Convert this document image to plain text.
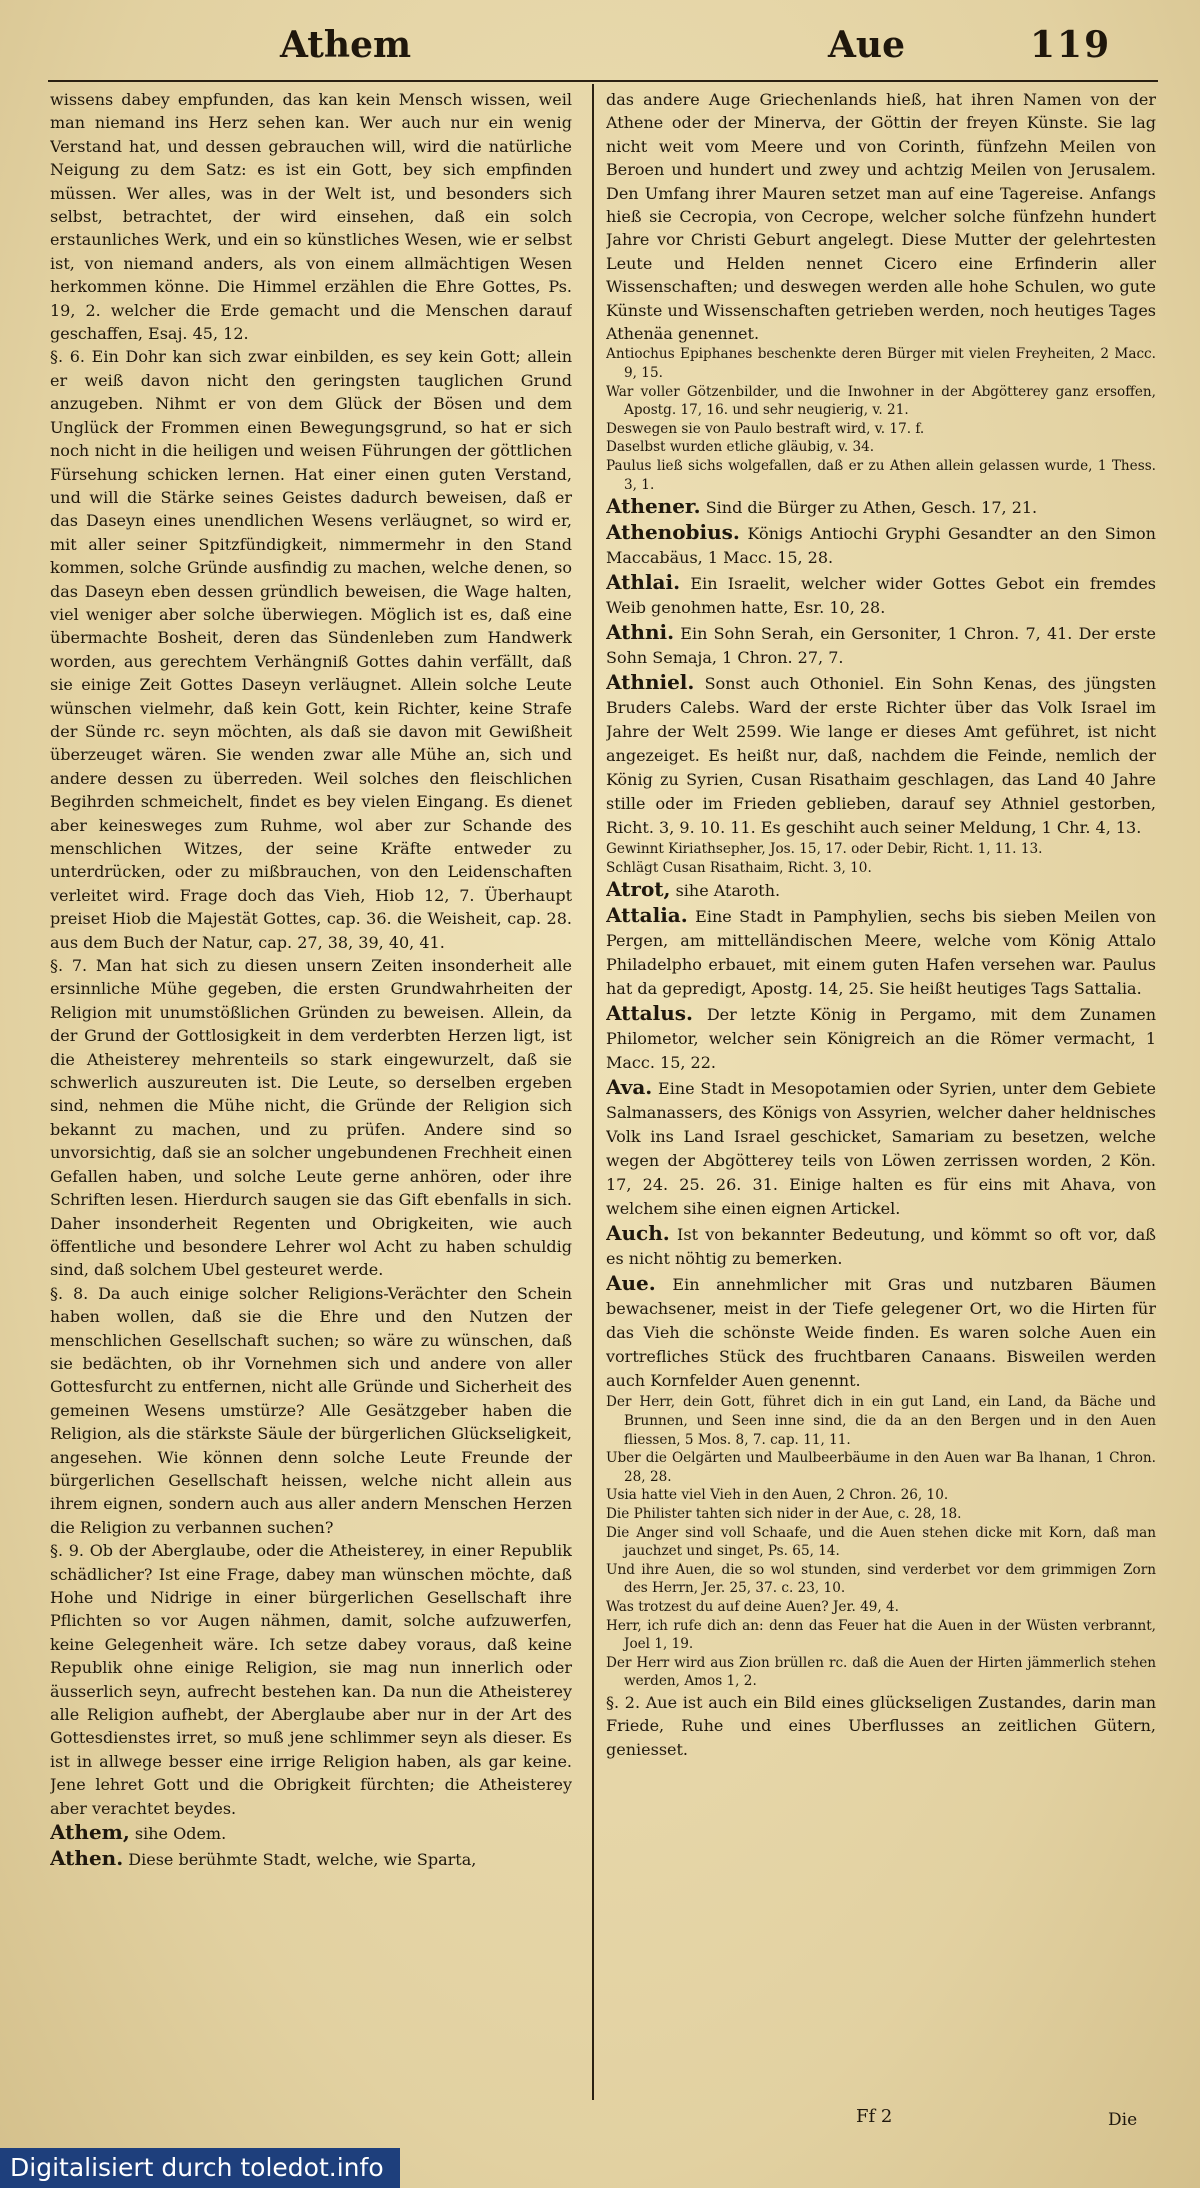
Athem	Aue	119

wissens dabey empfunden, das kan kein Mensch wissen, weil man niemand ins Herz sehen kan. Wer auch nur ein wenig Verstand hat, und dessen gebrauchen will, wird die natürliche Neigung zu dem Satz: es ist ein Gott, bey sich empfinden müssen. Wer alles, was in der Welt ist, und besonders sich selbst, betrachtet, der wird einsehen, daß ein solch erstaunliches Werk, und ein so künstliches Wesen, wie er selbst ist, von niemand anders, als von einem allmächtigen Wesen herkommen könne. Die Himmel erzählen die Ehre Gottes, Ps. 19, 2. welcher die Erde gemacht und die Menschen darauf geschaffen, Esaj. 45, 12.

§. 6. Ein Dohr kan sich zwar einbilden, es sey kein Gott; allein er weiß davon nicht den geringsten tauglichen Grund anzugeben. Nihmt er von dem Glück der Bösen und dem Unglück der Frommen einen Bewegungsgrund, so hat er sich noch nicht in die heiligen und weisen Führungen der göttlichen Fürsehung schicken lernen. Hat einer einen guten Verstand, und will die Stärke seines Geistes dadurch beweisen, daß er das Daseyn eines unendlichen Wesens verläugnet, so wird er, mit aller seiner Spitzfündigkeit, nimmermehr in den Stand kommen, solche Gründe ausfindig zu machen, welche denen, so das Daseyn eben dessen gründlich beweisen, die Wage halten, viel weniger aber solche überwiegen. Möglich ist es, daß eine übermachte Bosheit, deren das Sündenleben zum Handwerk worden, aus gerechtem Verhängniß Gottes dahin verfällt, daß sie einige Zeit Gottes Daseyn verläugnet. Allein solche Leute wünschen vielmehr, daß kein Gott, kein Richter, keine Strafe der Sünde rc. seyn möchten, als daß sie davon mit Gewißheit überzeuget wären. Sie wenden zwar alle Mühe an, sich und andere dessen zu überreden. Weil solches den fleischlichen Begihrden schmeichelt, findet es bey vielen Eingang. Es dienet aber keinesweges zum Ruhme, wol aber zur Schande des menschlichen Witzes, der seine Kräfte entweder zu unterdrücken, oder zu mißbrauchen, von den Leidenschaften verleitet wird. Frage doch das Vieh, Hiob 12, 7. Überhaupt preiset Hiob die Majestät Gottes, cap. 36. die Weisheit, cap. 28. aus dem Buch der Natur, cap. 27, 38, 39, 40, 41.

§. 7. Man hat sich zu diesen unsern Zeiten insonderheit alle ersinnliche Mühe gegeben, die ersten Grundwahrheiten der Religion mit unumstößlichen Gründen zu beweisen. Allein, da der Grund der Gottlosigkeit in dem verderbten Herzen ligt, ist die Atheisterey mehrenteils so stark eingewurzelt, daß sie schwerlich auszureuten ist. Die Leute, so derselben ergeben sind, nehmen die Mühe nicht, die Gründe der Religion sich bekannt zu machen, und zu prüfen. Andere sind so unvorsichtig, daß sie an solcher ungebundenen Frechheit einen Gefallen haben, und solche Leute gerne anhören, oder ihre Schriften lesen. Hierdurch saugen sie das Gift ebenfalls in sich. Daher insonderheit Regenten und Obrigkeiten, wie auch öffentliche und besondere Lehrer wol Acht zu haben schuldig sind, daß solchem Ubel gesteuret werde.

§. 8. Da auch einige solcher Religions-Verächter den Schein haben wollen, daß sie die Ehre und den Nutzen der menschlichen Gesellschaft suchen; so wäre zu wünschen, daß sie bedächten, ob ihr Vornehmen sich und andere von aller Gottesfurcht zu entfernen, nicht alle Gründe und Sicherheit des gemeinen Wesens umstürze? Alle Gesätzgeber haben die Religion, als die stärkste Säule der bürgerlichen Glückseligkeit, angesehen. Wie können denn solche Leute Freunde der bürgerlichen Gesellschaft heissen, welche nicht allein aus ihrem eignen, sondern auch aus aller andern Menschen Herzen die Religion zu verbannen suchen?

§. 9. Ob der Aberglaube, oder die Atheisterey, in einer Republik schädlicher? Ist eine Frage, dabey man wünschen möchte, daß Hohe und Nidrige in einer bürgerlichen Gesellschaft ihre Pflichten so vor Augen nähmen, damit, solche aufzuwerfen, keine Gelegenheit wäre. Ich setze dabey voraus, daß keine Republik ohne einige Religion, sie mag nun innerlich oder äusserlich seyn, aufrecht bestehen kan. Da nun die Atheisterey alle Religion aufhebt, der Aberglaube aber nur in der Art des Gottesdienstes irret, so muß jene schlimmer seyn als dieser. Es ist in allwege besser eine irrige Religion haben, als gar keine. Jene lehret Gott und die Obrigkeit fürchten; die Atheisterey aber verachtet beydes.

Athem, sihe Odem.

Athen. Diese berühmte Stadt, welche, wie Sparta,

das andere Auge Griechenlands hieß, hat ihren Namen von der Athene oder der Minerva, der Göttin der freyen Künste. Sie lag nicht weit vom Meere und von Corinth, fünfzehn Meilen von Beroen und hundert und zwey und achtzig Meilen von Jerusalem. Den Umfang ihrer Mauren setzet man auf eine Tagereise. Anfangs hieß sie Cecropia, von Cecrope, welcher solche fünfzehn hundert Jahre vor Christi Geburt angelegt. Diese Mutter der gelehrtesten Leute und Helden nennet Cicero eine Erfinderin aller Wissenschaften; und deswegen werden alle hohe Schulen, wo gute Künste und Wissenschaften getrieben werden, noch heutiges Tages Athenäa genennet.

Antiochus Epiphanes beschenkte deren Bürger mit vielen Freyheiten, 2 Macc. 9, 15.

War voller Götzenbilder, und die Inwohner in der Abgötterey ganz ersoffen, Apostg. 17, 16. und sehr neugierig, v. 21.

Deswegen sie von Paulo bestraft wird, v. 17. f.

Daselbst wurden etliche gläubig, v. 34.

Paulus ließ sichs wolgefallen, daß er zu Athen allein gelassen wurde, 1 Thess. 3, 1.

Athener. Sind die Bürger zu Athen, Gesch. 17, 21.

Athenobius. Königs Antiochi Gryphi Gesandter an den Simon Maccabäus, 1 Macc. 15, 28.

Athlai. Ein Israelit, welcher wider Gottes Gebot ein fremdes Weib genohmen hatte, Esr. 10, 28.

Athni. Ein Sohn Serah, ein Gersoniter, 1 Chron. 7, 41. Der erste Sohn Semaja, 1 Chron. 27, 7.

Athniel. Sonst auch Othoniel. Ein Sohn Kenas, des jüngsten Bruders Calebs. Ward der erste Richter über das Volk Israel im Jahre der Welt 2599. Wie lange er dieses Amt geführet, ist nicht angezeiget. Es heißt nur, daß, nachdem die Feinde, nemlich der König zu Syrien, Cusan Risathaim geschlagen, das Land 40 Jahre stille oder im Frieden geblieben, darauf sey Athniel gestorben, Richt. 3, 9. 10. 11. Es geschiht auch seiner Meldung, 1 Chr. 4, 13.

Gewinnt Kiriathsepher, Jos. 15, 17. oder Debir, Richt. 1, 11. 13.

Schlägt Cusan Risathaim, Richt. 3, 10.

Atrot, sihe Ataroth.

Attalia. Eine Stadt in Pamphylien, sechs bis sieben Meilen von Pergen, am mittelländischen Meere, welche vom König Attalo Philadelpho erbauet, mit einem guten Hafen versehen war. Paulus hat da gepredigt, Apostg. 14, 25. Sie heißt heutiges Tags Sattalia.

Attalus. Der letzte König in Pergamo, mit dem Zunamen Philometor, welcher sein Königreich an die Römer vermacht, 1 Macc. 15, 22.

Ava. Eine Stadt in Mesopotamien oder Syrien, unter dem Gebiete Salmanassers, des Königs von Assyrien, welcher daher heldnisches Volk ins Land Israel geschicket, Samariam zu besetzen, welche wegen der Abgötterey teils von Löwen zerrissen worden, 2 Kön. 17, 24. 25. 26. 31. Einige halten es für eins mit Ahava, von welchem sihe einen eignen Artickel.

Auch. Ist von bekannter Bedeutung, und kömmt so oft vor, daß es nicht nöhtig zu bemerken.

Aue. Ein annehmlicher mit Gras und nutzbaren Bäumen bewachsener, meist in der Tiefe gelegener Ort, wo die Hirten für das Vieh die schönste Weide finden. Es waren solche Auen ein vortrefliches Stück des fruchtbaren Canaans. Bisweilen werden auch Kornfelder Auen genennt.

Der Herr, dein Gott, führet dich in ein gut Land, ein Land, da Bäche und Brunnen, und Seen inne sind, die da an den Bergen und in den Auen fliessen, 5 Mos. 8, 7. cap. 11, 11.

Uber die Oelgärten und Maulbeerbäume in den Auen war Ba lhanan, 1 Chron. 28, 28.

Usia hatte viel Vieh in den Auen, 2 Chron. 26, 10.

Die Philister tahten sich nider in der Aue, c. 28, 18.

Die Anger sind voll Schaafe, und die Auen stehen dicke mit Korn, daß man jauchzet und singet, Ps. 65, 14.

Und ihre Auen, die so wol stunden, sind verderbet vor dem grimmigen Zorn des Herrn, Jer. 25, 37. c. 23, 10.

Was trotzest du auf deine Auen? Jer. 49, 4.

Herr, ich rufe dich an: denn das Feuer hat die Auen in der Wüsten verbrannt, Joel 1, 19.

Der Herr wird aus Zion brüllen rc. daß die Auen der Hirten jämmerlich stehen werden, Amos 1, 2.

§. 2. Aue ist auch ein Bild eines glückseligen Zustandes, darin man Friede, Ruhe und eines Uberflusses an zeitlichen Gütern, geniesset.

Ff 2	Die
Digitalisiert durch toledot.info
